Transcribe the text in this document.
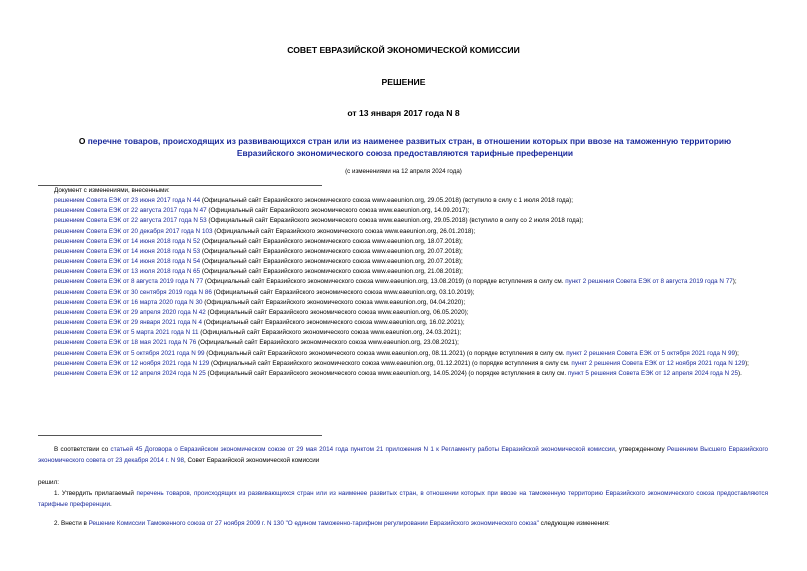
СОВЕТ ЕВРАЗИЙСКОЙ ЭКОНОМИЧЕСКОЙ КОМИССИИ
РЕШЕНИЕ
от 13 января 2017 года N 8
О перечне товаров, происходящих из развивающихся стран или из наименее развитых стран, в отношении которых при ввозе на таможенную территорию Евразийского экономического союза предоставляются тарифные преференции
(с изменениями на 12 апреля 2024 года)
Документ с изменениями, внесенными:
решением Совета ЕЭК от 23 июня 2017 года N 44 (Официальный сайт Евразийского экономического союза www.eaeunion.org, 29.05.2018) (вступило в силу с 1 июля 2018 года);
решением Совета ЕЭК от 22 августа 2017 года N 47 (Официальный сайт Евразийского экономического союза www.eaeunion.org, 14.09.2017);
решением Совета ЕЭК от 22 августа 2017 года N 53 (Официальный сайт Евразийского экономического союза www.eaeunion.org, 29.05.2018) (вступило в силу со 2 июля 2018 года);
решением Совета ЕЭК от 20 декабря 2017 года N 103 (Официальный сайт Евразийского экономического союза www.eaeunion.org, 26.01.2018);
решением Совета ЕЭК от 14 июня 2018 года N 52 (Официальный сайт Евразийского экономического союза www.eaeunion.org, 18.07.2018);
решением Совета ЕЭК от 14 июня 2018 года N 53 (Официальный сайт Евразийского экономического союза www.eaeunion.org, 20.07.2018);
решением Совета ЕЭК от 14 июня 2018 года N 54 (Официальный сайт Евразийского экономического союза www.eaeunion.org, 20.07.2018);
решением Совета ЕЭК от 13 июля 2018 года N 65 (Официальный сайт Евразийского экономического союза www.eaeunion.org, 21.08.2018);
решением Совета ЕЭК от 8 августа 2019 года N 77 (Официальный сайт Евразийского экономического союза www.eaeunion.org, 13.08.2019) (о порядке вступления в силу см. пункт 2 решения Совета ЕЭК от 8 августа 2019 года N 77);
решением Совета ЕЭК от 30 сентября 2019 года N 86 (Официальный сайт Евразийского экономического союза www.eaeunion.org, 03.10.2019);
решением Совета ЕЭК от 16 марта 2020 года N 30 (Официальный сайт Евразийского экономического союза www.eaeunion.org, 04.04.2020);
решением Совета ЕЭК от 29 апреля 2020 года N 42 (Официальный сайт Евразийского экономического союза www.eaeunion.org, 06.05.2020);
решением Совета ЕЭК от 29 января 2021 года N 4 (Официальный сайт Евразийского экономического союза www.eaeunion.org, 16.02.2021);
решением Совета ЕЭК от 5 марта 2021 года N 11 (Официальный сайт Евразийского экономического союза www.eaeunion.org, 24.03.2021);
решением Совета ЕЭК от 18 мая 2021 года N 76 (Официальный сайт Евразийского экономического союза www.eaeunion.org, 23.08.2021);
решением Совета ЕЭК от 5 октября 2021 года N 99 (Официальный сайт Евразийского экономического союза www.eaeunion.org, 08.11.2021) (о порядке вступления в силу см. пункт 2 решения Совета ЕЭК от 5 октября 2021 года N 99);
решением Совета ЕЭК от 12 ноября 2021 года N 129 (Официальный сайт Евразийского экономического союза www.eaeunion.org, 01.12.2021) (о порядке вступления в силу см. пункт 2 решения Совета ЕЭК от 12 ноября 2021 года N 129);
решением Совета ЕЭК от 12 апреля 2024 года N 25 (Официальный сайт Евразийского экономического союза www.eaeunion.org, 14.05.2024) (о порядке вступления в силу см. пункт 5 решения Совета ЕЭК от 12 апреля 2024 года N 25).
В соответствии со статьей 45 Договора о Евразийском экономическом союзе от 29 мая 2014 года пунктом 21 приложения N 1 к Регламенту работы Евразийской экономической комиссии, утвержденному Решением Высшего Евразийского экономического совета от 23 декабря 2014 г. N 98, Совет Евразийской экономической комиссии
решил:
1. Утвердить прилагаемый перечень товаров, происходящих из развивающихся стран или из наименее развитых стран, в отношении которых при ввозе на таможенную территорию Евразийского экономического союза предоставляются тарифные преференции.
2. Внести в Решение Комиссии Таможенного союза от 27 ноября 2009 г. N 130 "О едином таможенно-тарифном регулировании Евразийского экономического союза" следующие изменения:
